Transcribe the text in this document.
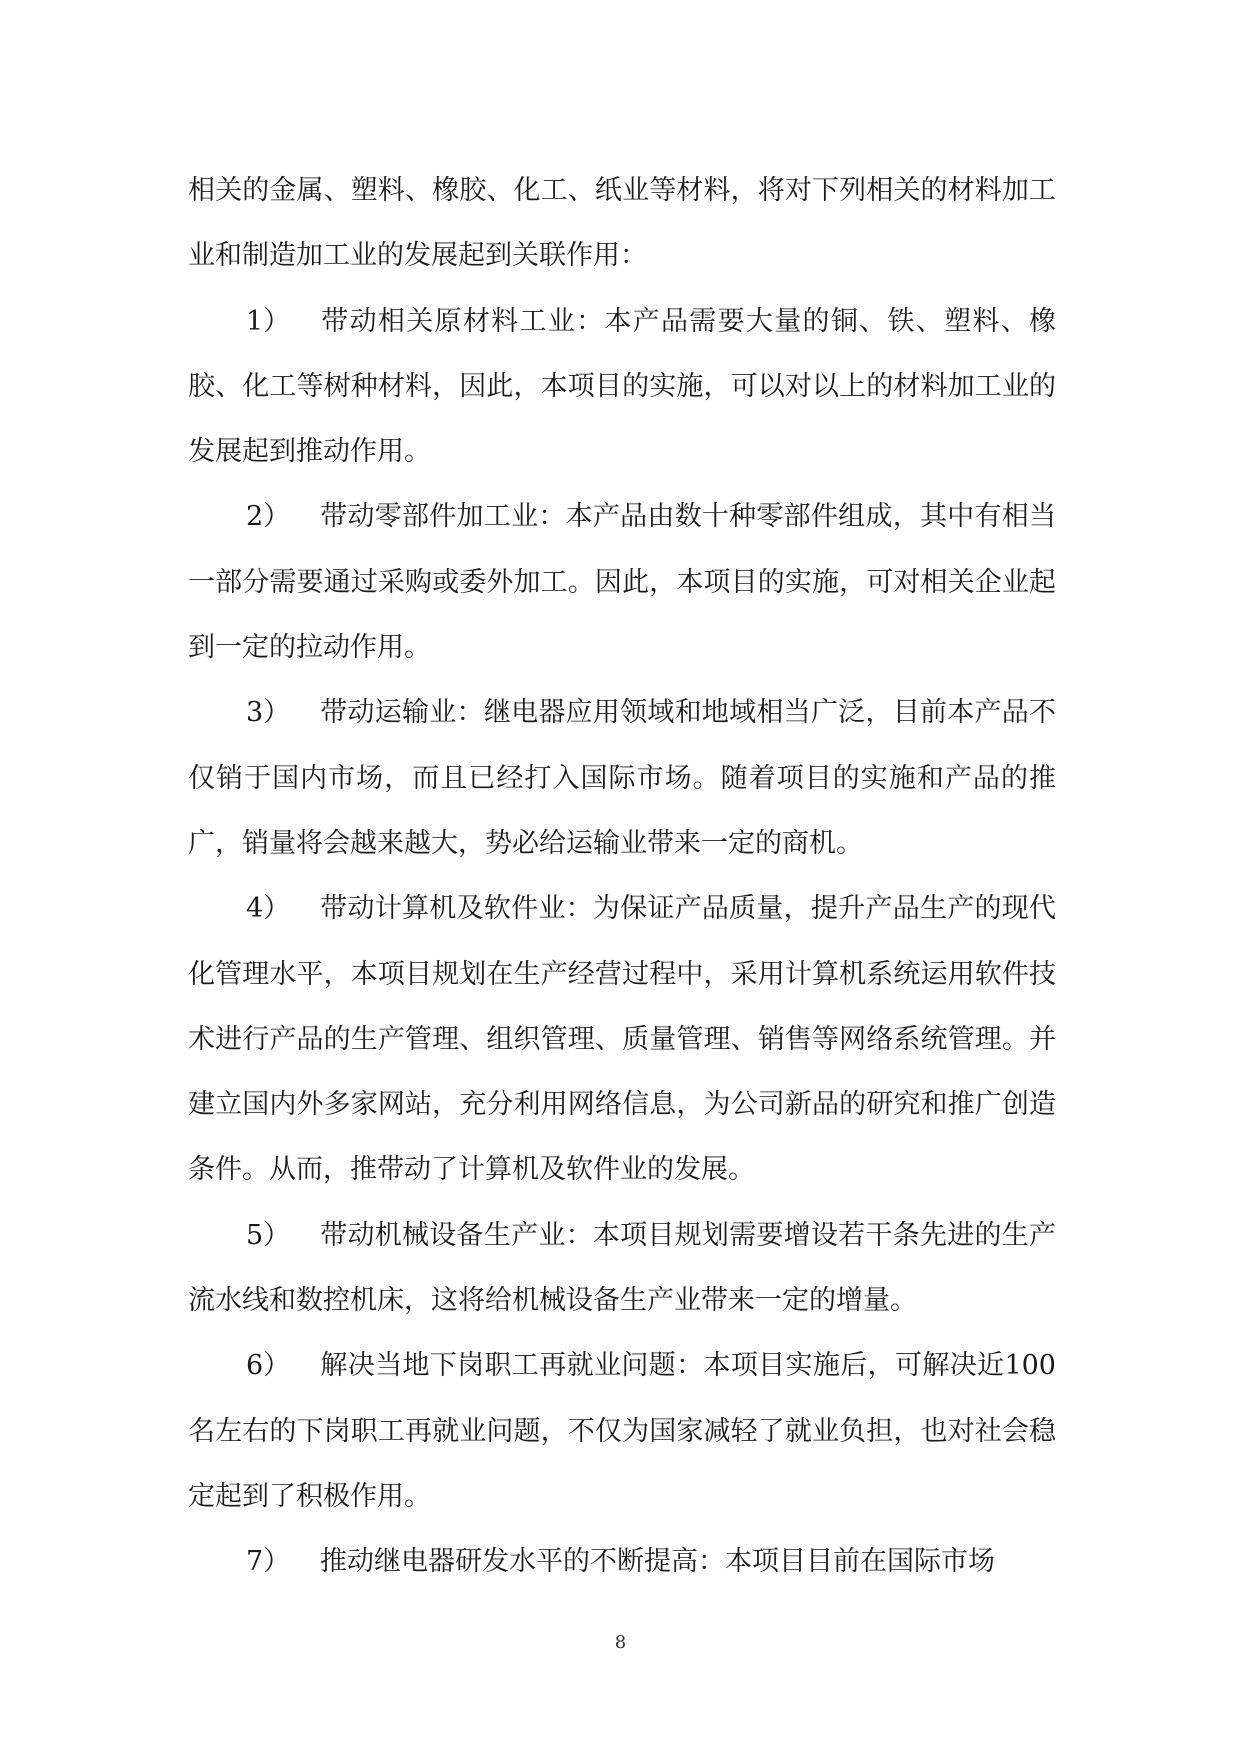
相关的金属、塑料、橡胶、化工、纸业等材料，将对下列相关的材料加工业和制造加工业的发展起到关联作用：

1） 带动相关原材料工业：本产品需要大量的铜、铁、塑料、橡胶、化工等树种材料，因此，本项目的实施，可以对以上的材料加工业的发展起到推动作用。

2） 带动零部件加工业：本产品由数十种零部件组成，其中有相当一部分需要通过采购或委外加工。因此，本项目的实施，可对相关企业起到一定的拉动作用。

3） 带动运输业：继电器应用领域和地域相当广泛，目前本产品不仅销于国内市场，而且已经打入国际市场。随着项目的实施和产品的推广，销量将会越来越大，势必给运输业带来一定的商机。

4） 带动计算机及软件业：为保证产品质量，提升产品生产的现代化管理水平，本项目规划在生产经营过程中，采用计算机系统运用软件技术进行产品的生产管理、组织管理、质量管理、销售等网络系统管理。并建立国内外多家网站，充分利用网络信息，为公司新品的研究和推广创造条件。从而，推带动了计算机及软件业的发展。

5） 带动机械设备生产业：本项目规划需要增设若干条先进的生产流水线和数控机床，这将给机械设备生产业带来一定的增量。

6） 解决当地下岗职工再就业问题：本项目实施后，可解决近100名左右的下岗职工再就业问题，不仅为国家减轻了就业负担，也对社会稳定起到了积极作用。

7） 推动继电器研发水平的不断提高：本项目目前在国际市场

8
